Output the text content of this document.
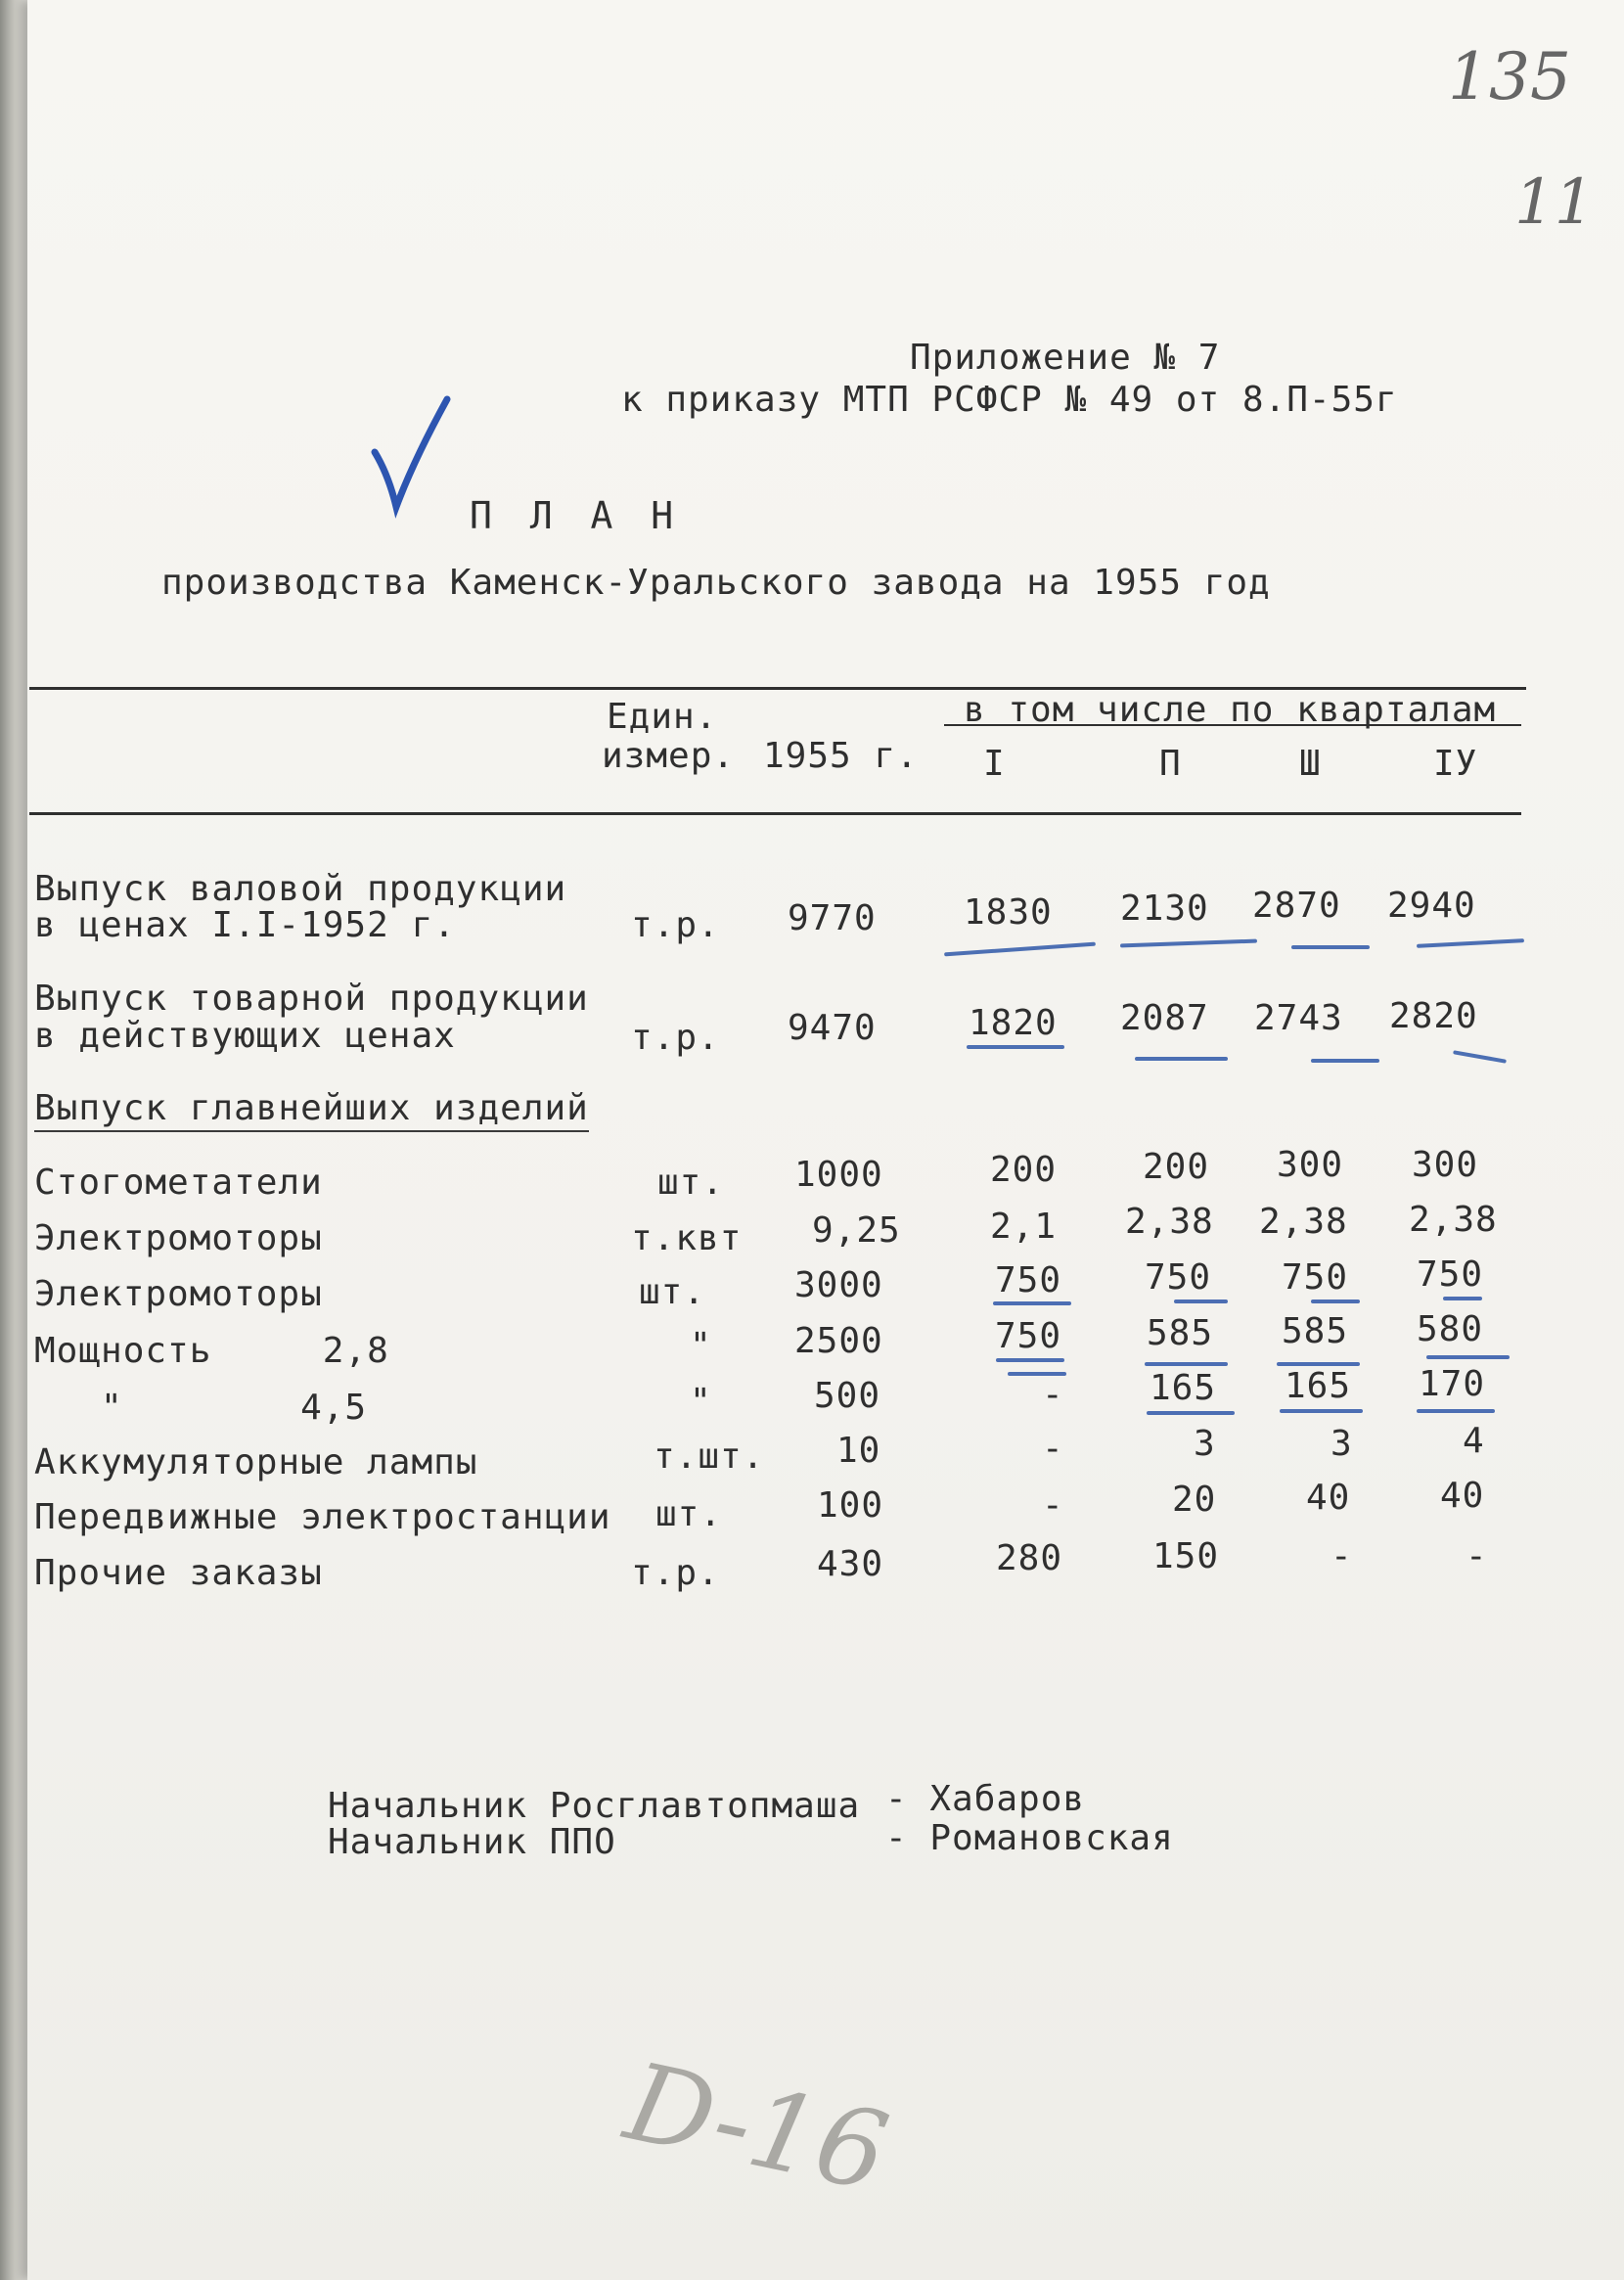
135
11
Приложение № 7
к приказу МТП РСФСР № 49 от 8.П-55г
П Л А Н
производства Каменск-Уральского завода на 1955 год
Един.
измер. 1955 г.
в том числе по кварталам
I	П	Ш	IУ
Выпуск валовой продукции
в ценах I.I-1952 г.	т.р. 9770 1830 2130 2870 2940
Выпуск товарной продукции
в действующих ценах	т.р. 9470	1820 2087 2743 2820
Выпуск главнейших изделий
Стогометатели	шт. 1000	200 200 300 300
Электромоторы	т.квт 9,25	2,1 2,38 2,38 2,38
Электромоторы	шт.	3000	750 750 750 750
Мощность     2,8	" 2500	750 585 585 580
"        4,5	"	500	- 165 165 170
Аккумуляторные лампы	т.шт. 10	-	3	3	4
Передвижные электростанции шт.	100	-	20	40	40
Прочие заказы	т.р.	430	280	150	-	-
Начальник Росглавтопмаша - Хабаров
Начальник ППО	- Романовская
D-16
